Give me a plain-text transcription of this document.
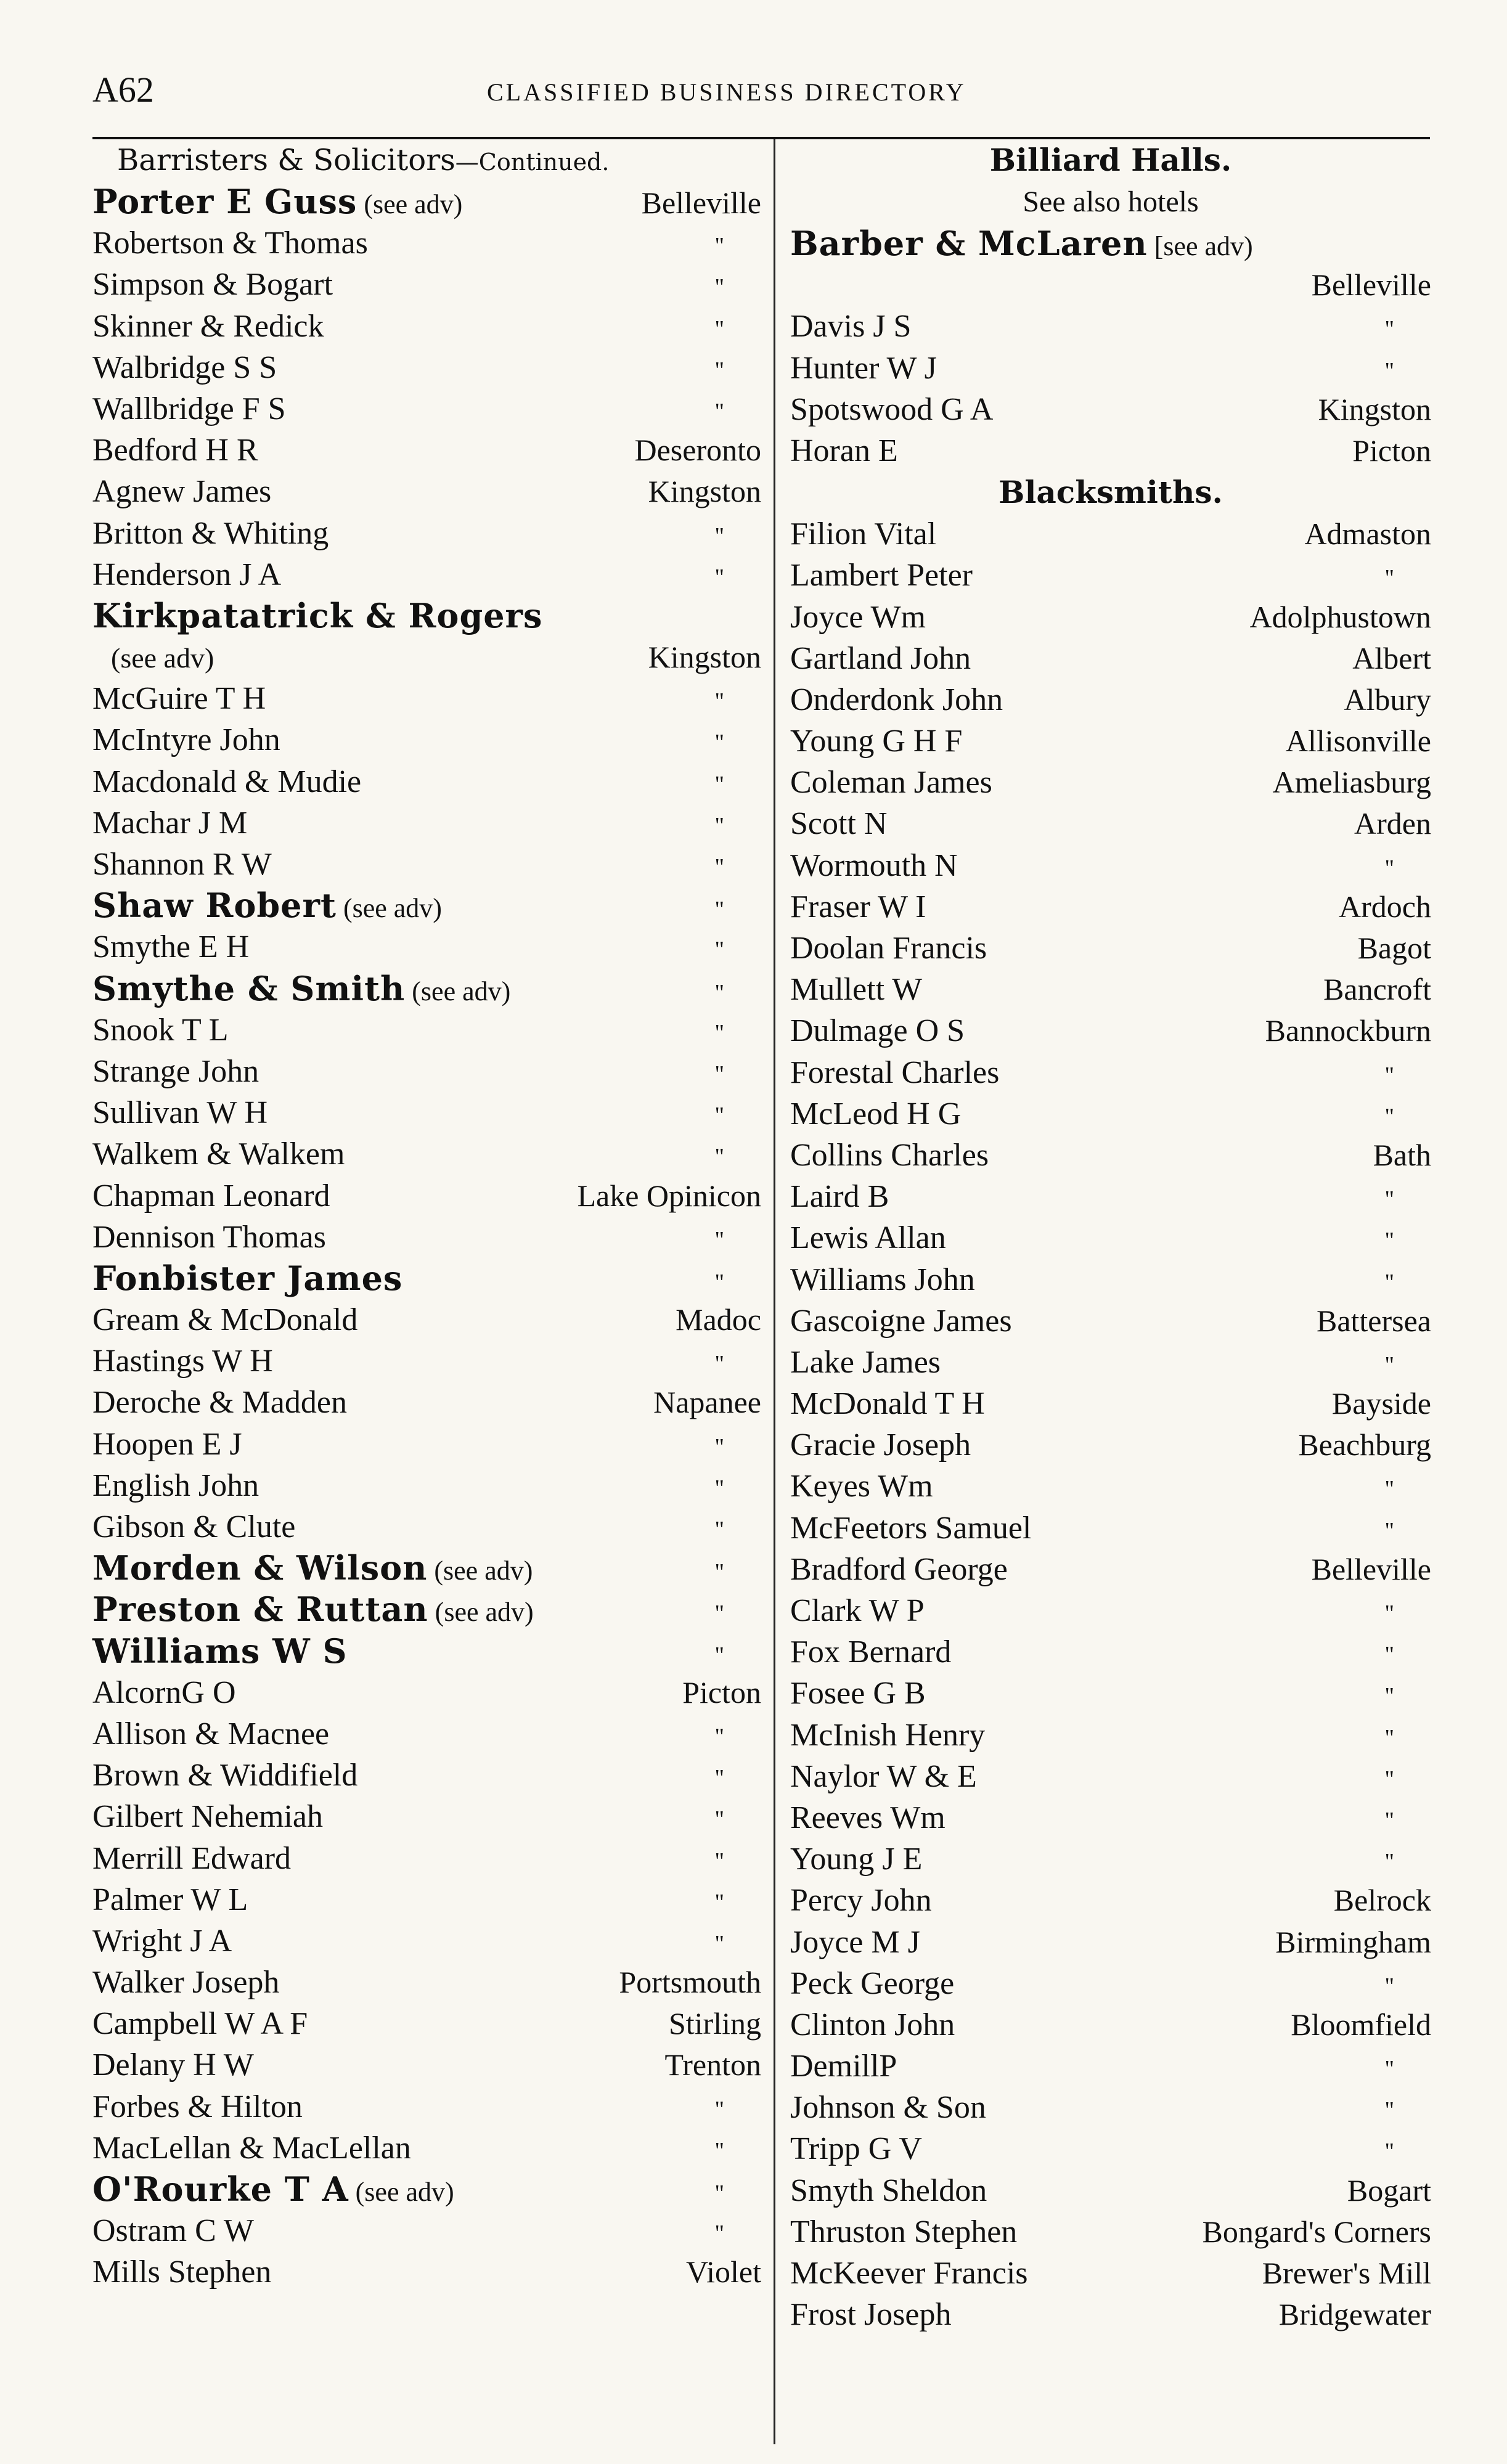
A62	CLASSIFIED BUSINESS DIRECTORY
Barristers & Solicitors—Continued.
Porter E Guss (see adv)	Belleville
Robertson & Thomas	"
Simpson & Bogart	"
Skinner & Redick	"
Walbridge S S	"
Wallbridge F S	"
Bedford H R	Deseronto
Agnew James	Kingston
Britton & Whiting	"
Henderson J A	"
Kirkpatatrick & Rogers
(see adv)	Kingston
McGuire T H	"
McIntyre John	"
Macdonald & Mudie	"
Machar J M	"
Shannon R W	"
Shaw Robert (see adv)	"
Smythe E H	"
Smythe & Smith (see adv)	"
Snook T L	"
Strange John	"
Sullivan W H	"
Walkem & Walkem	"
Chapman Leonard	Lake Opinicon
Dennison Thomas	"
Fonbister James	"
Gream & McDonald	Madoc
Hastings W H	"
Deroche & Madden	Napanee
Hoopen E J	"
English John	"
Gibson & Clute	"
Morden & Wilson (see adv)	"
Preston & Ruttan (see adv)	"
Williams W S	"
AlcornG O	Picton
Allison & Macnee	"
Brown & Widdifield	"
Gilbert Nehemiah	"
Merrill Edward	"
Palmer W L	"
Wright J A	"
Walker Joseph	Portsmouth
Campbell W A F	Stirling
Delany H W	Trenton
Forbes & Hilton	"
MacLellan & MacLellan	"
O'Rourke T A (see adv)	"
Ostram C W	"
Mills Stephen	Violet
Billiard Halls.
See also hotels
Barber & McLaren [see adv)
Belleville
Davis J S	"
Hunter W J	"
Spotswood G A	Kingston
Horan E	Picton
Blacksmiths.
Filion Vital	Admaston
Lambert Peter	"
Joyce Wm	Adolphustown
Gartland John	Albert
Onderdonk John	Albury
Young G H F	Allisonville
Coleman James	Ameliasburg
Scott N	Arden
Wormouth N	"
Fraser W I	Ardoch
Doolan Francis	Bagot
Mullett W	Bancroft
Dulmage O S	Bannockburn
Forestal Charles	"
McLeod H G	"
Collins Charles	Bath
Laird B	"
Lewis Allan	"
Williams John	"
Gascoigne James	Battersea
Lake James	"
McDonald T H	Bayside
Gracie Joseph	Beachburg
Keyes Wm	"
McFeetors Samuel	"
Bradford George	Belleville
Clark W P	"
Fox Bernard	"
Fosee G B	"
McInish Henry	"
Naylor W & E	"
Reeves Wm	"
Young J E	"
Percy John	Belrock
Joyce M J	Birmingham
Peck George	"
Clinton John	Bloomfield
DemillP	"
Johnson & Son	"
Tripp G V	"
Smyth Sheldon	Bogart
Thruston Stephen	Bongard's Corners
McKeever Francis	Brewer's Mill
Frost Joseph	Bridgewater
